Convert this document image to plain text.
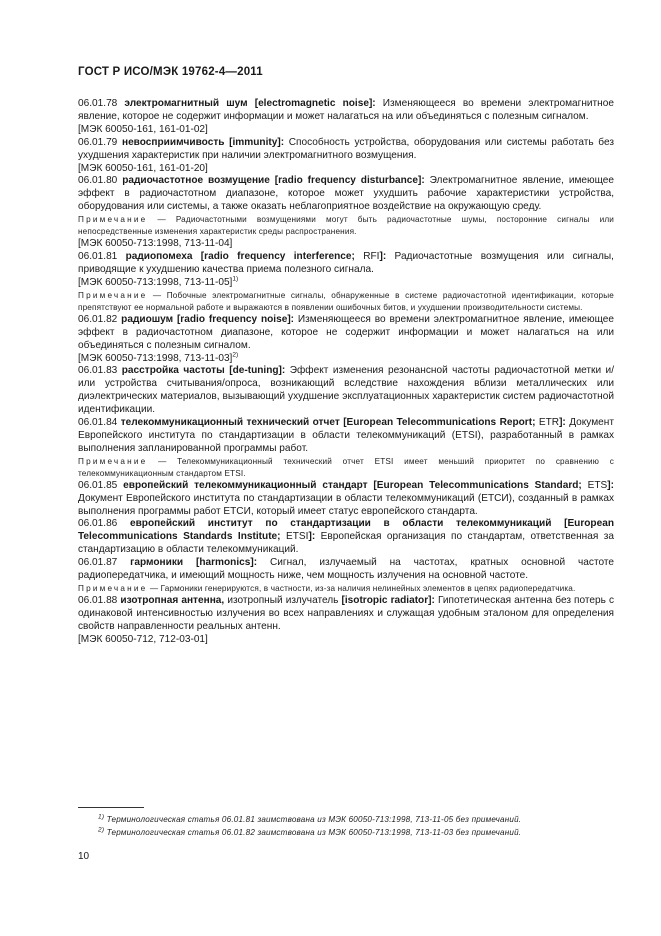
ГОСТ Р ИСО/МЭК 19762-4—2011

06.01.78 электромагнитный шум [electromagnetic noise]: Изменяющееся во времени электромагнитное явление, которое не содержит информации и может налагаться на или объединяться с полезным сигналом.

[МЭК 60050-161, 161-01-02]

06.01.79 невосприимчивость [immunity]: Способность устройства, оборудования или системы работать без ухудшения характеристик при наличии электромагнитного возмущения.

[МЭК 60050-161, 161-01-20]

06.01.80 радиочастотное возмущение [radio frequency disturbance]: Электромагнитное явление, имеющее эффект в радиочастотном диапазоне, которое может ухудшить рабочие характеристики устройства, оборудования или системы, а также оказать неблагоприятное воздействие на окружающую среду.

Примечание — Радиочастотными возмущениями могут быть радиочастотные шумы, посторонние сигналы или непосредственные изменения характеристик среды распространения.

[МЭК 60050-713:1998, 713-11-04]

06.01.81 радиопомеха [radio frequency interference; RFI]: Радиочастотные возмущения или сигналы, приводящие к ухудшению качества приема полезного сигнала.

[МЭК 60050-713:1998, 713-11-05]$^{1)}$

Примечание — Побочные электромагнитные сигналы, обнаруженные в системе радиочастотной идентификации, которые препятствуют ее нормальной работе и выражаются в появлении ошибочных битов, и ухудшении производительности системы.

06.01.82 радиошум [radio frequency noise]: Изменяющееся во времени электромагнитное явление, имеющее эффект в радиочастотном диапазоне, которое не содержит информации и может налагаться на или объединяться с полезным сигналом.

[МЭК 60050-713:1998, 713-11-03]$^{2)}$

06.01.83 расстройка частоты [de-tuning]: Эффект изменения резонансной частоты радиочастотной метки и/или устройства считывания/опроса, возникающий вследствие нахождения вблизи металлических или диэлектрических материалов, вызывающий ухудшение эксплуатационных характеристик систем радиочастотной идентификации.

06.01.84 телекоммуникационный технический отчет [European Telecommunications Report; ETR]: Документ Европейского института по стандартизации в области телекоммуникаций (ETSI), разработанный в рамках выполнения запланированной программы работ.

Примечание — Телекоммуникационный технический отчет ETSI имеет меньший приоритет по сравнению с телекоммуникационным стандартом ETSI.

06.01.85 европейский телекоммуникационный стандарт [European Telecommunications Standard; ETS]: Документ Европейского института по стандартизации в области телекоммуникаций (ЕТСИ), созданный в рамках выполнения программы работ ЕТСИ, который имеет статус европейского стандарта.

06.01.86 европейский институт по стандартизации в области телекоммуникаций [European Telecommunications Standards Institute; ETSI]: Европейская организация по стандартам, ответственная за стандартизацию в области телекоммуникаций.

06.01.87 гармоники [harmonics]: Сигнал, излучаемый на частотах, кратных основной частоте радиопередатчика, и имеющий мощность ниже, чем мощность излучения на основной частоте.

Примечание — Гармоники генерируются, в частности, из-за наличия нелинейных элементов в цепях радиопередатчика.

06.01.88 изотропная антенна, изотропный излучатель [isotropic radiator]: Гипотетическая антенна без потерь с одинаковой интенсивностью излучения во всех направлениях и служащая удобным эталоном для определения свойств направленности реальных антенн.

[МЭК 60050-712, 712-03-01]

$^{1)}$ Терминологическая статья 06.01.81 заимствована из МЭК 60050-713:1998, 713-11-05 без примечаний.

$^{2)}$ Терминологическая статья 06.01.82 заимствована из МЭК 60050-713:1998, 713-11-03 без примечаний.

10
